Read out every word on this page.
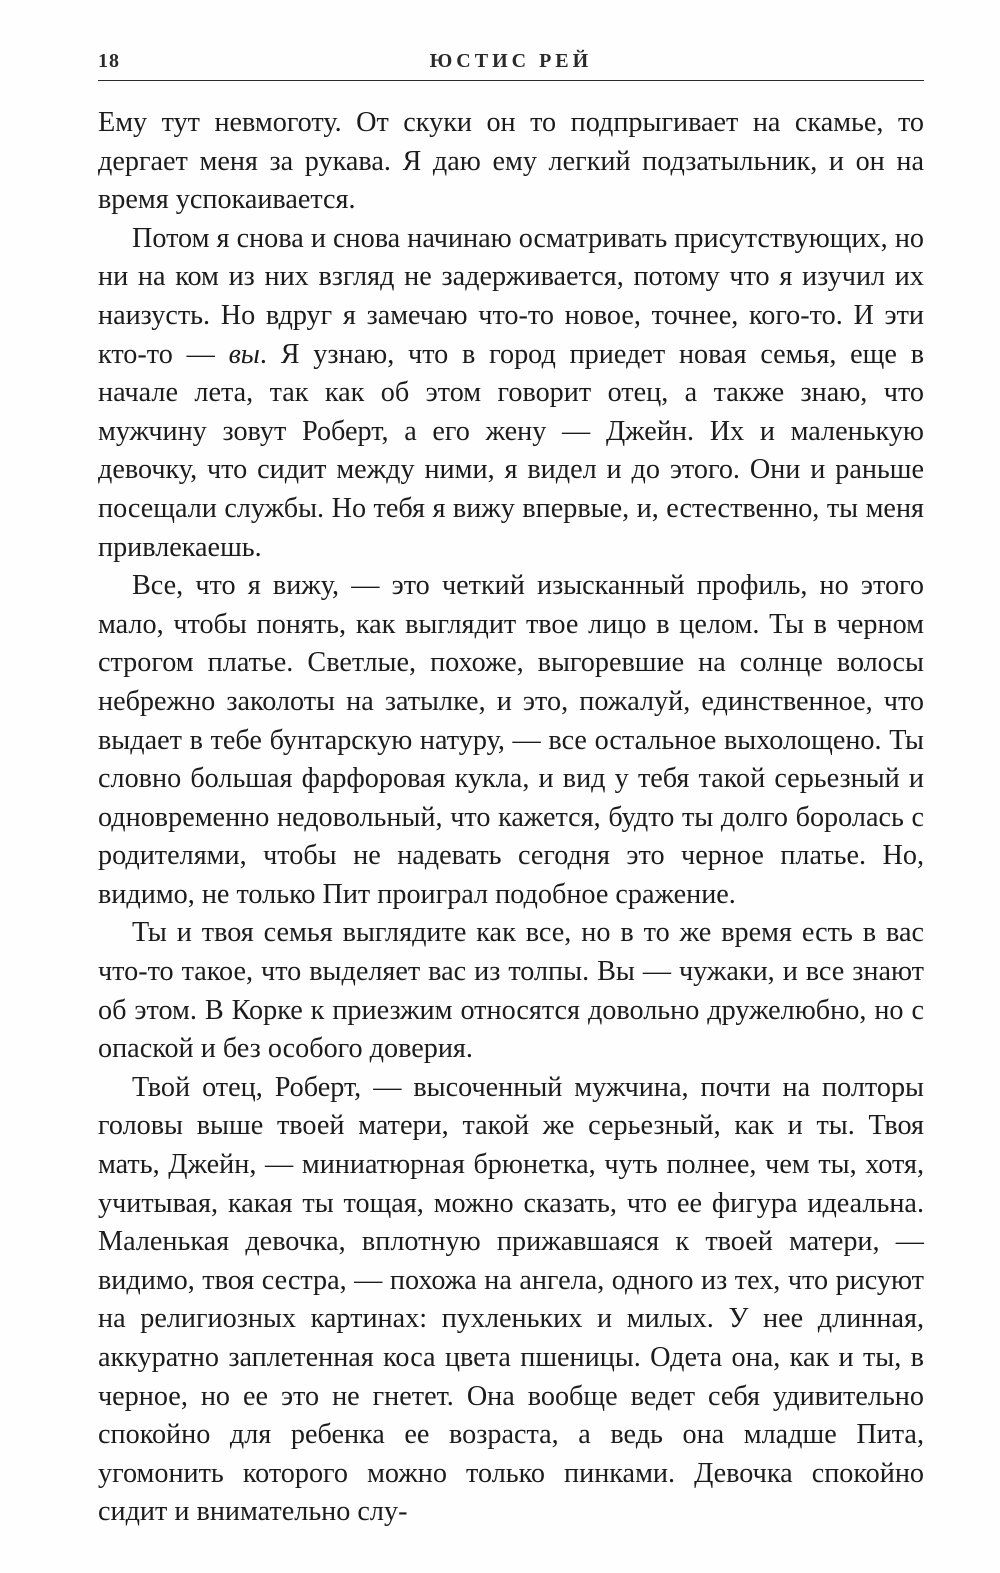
18	ЮСТИС РЕЙ

Ему тут невмоготу. От скуки он то подпрыгивает на скамье, то дергает меня за рукава. Я даю ему легкий подзатыльник, и он на время успокаивается.

Потом я снова и снова начинаю осматривать присутствующих, но ни на ком из них взгляд не задерживается, потому что я изучил их наизусть. Но вдруг я замечаю что-то новое, точнее, кого-то. И эти кто-то — вы. Я узнаю, что в город приедет новая семья, еще в начале лета, так как об этом говорит отец, а также знаю, что мужчину зовут Роберт, а его жену — Джейн. Их и маленькую девочку, что сидит между ними, я видел и до этого. Они и раньше посещали службы. Но тебя я вижу впервые, и, естественно, ты меня привлекаешь.

Все, что я вижу, — это четкий изысканный профиль, но этого мало, чтобы понять, как выглядит твое лицо в целом. Ты в черном строгом платье. Светлые, похоже, выгоревшие на солнце волосы небрежно заколоты на затылке, и это, пожалуй, единственное, что выдает в тебе бунтарскую натуру, — все остальное выхолощено. Ты словно большая фарфоровая кукла, и вид у тебя такой серьезный и одновременно недовольный, что кажется, будто ты долго боролась с родителями, чтобы не надевать сегодня это черное платье. Но, видимо, не только Пит проиграл подобное сражение.

Ты и твоя семья выглядите как все, но в то же время есть в вас что-то такое, что выделяет вас из толпы. Вы — чужаки, и все знают об этом. В Корке к приезжим относятся довольно дружелюбно, но с опаской и без особого доверия.

Твой отец, Роберт, — высоченный мужчина, почти на полторы головы выше твоей матери, такой же серьезный, как и ты. Твоя мать, Джейн, — миниатюрная брюнетка, чуть полнее, чем ты, хотя, учитывая, какая ты тощая, можно сказать, что ее фигура идеальна. Маленькая девочка, вплотную прижавшаяся к твоей матери, — видимо, твоя сестра, — похожа на ангела, одного из тех, что рисуют на религиозных картинах: пухленьких и милых. У нее длинная, аккуратно заплетенная коса цвета пшеницы. Одета она, как и ты, в черное, но ее это не гнетет. Она вообще ведет себя удивительно спокойно для ребенка ее возраста, а ведь она младше Пита, угомонить которого можно только пинками. Девочка спокойно сидит и внимательно слу-
